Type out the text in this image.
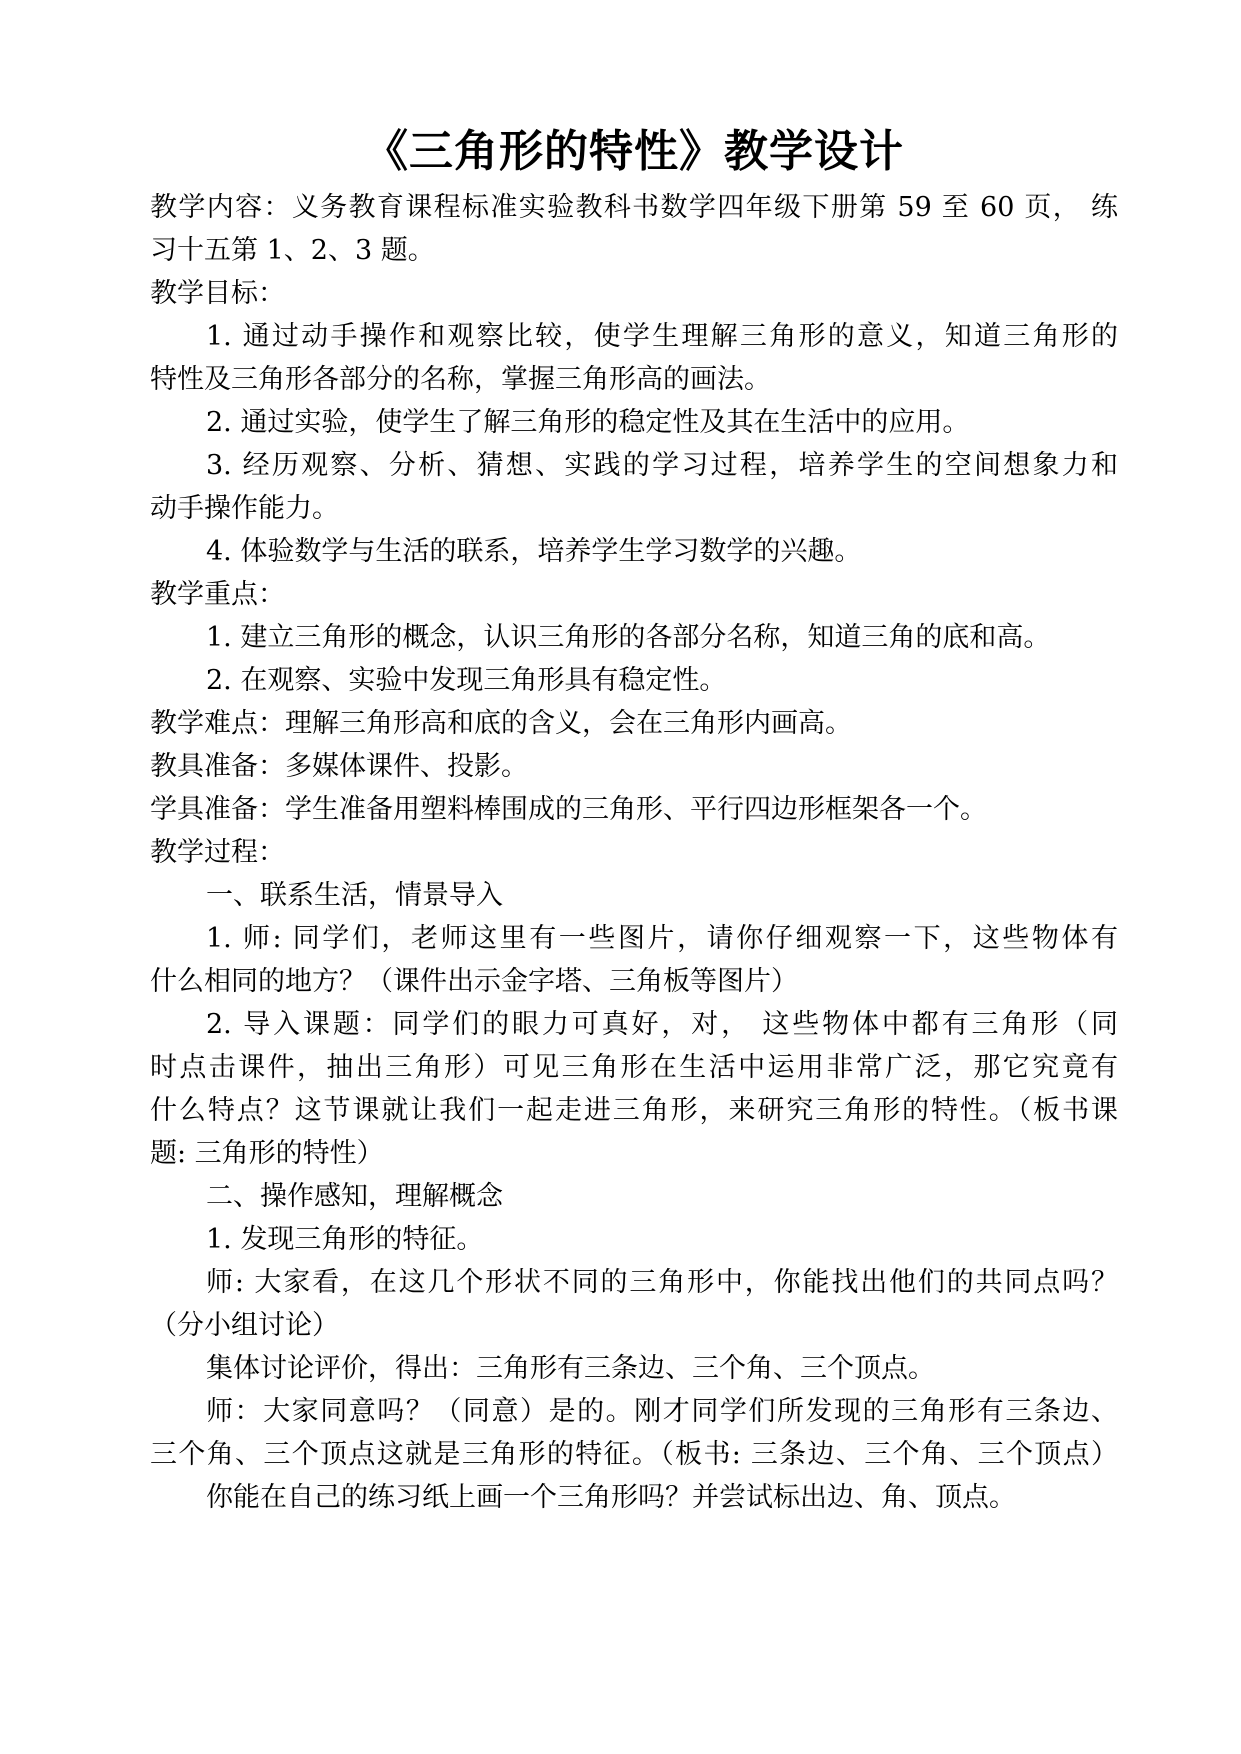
《三角形的特性》教学设计

教学内容：义务教育课程标准实验教科书数学四年级下册第 59 至 60 页， 练

习十五第 1、2、3 题。

教学目标：

1. 通过动手操作和观察比较，使学生理解三角形的意义，知道三角形的

特性及三角形各部分的名称，掌握三角形高的画法。

2. 通过实验，使学生了解三角形的稳定性及其在生活中的应用。

3. 经历观察、分析、猜想、实践的学习过程，培养学生的空间想象力和

动手操作能力。

4. 体验数学与生活的联系，培养学生学习数学的兴趣。

教学重点：

1. 建立三角形的概念，认识三角形的各部分名称，知道三角的底和高。

2. 在观察、实验中发现三角形具有稳定性。

教学难点：理解三角形高和底的含义，会在三角形内画高。

教具准备：多媒体课件、投影。

学具准备：学生准备用塑料棒围成的三角形、平行四边形框架各一个。

教学过程：

一、联系生活，情景导入

1. 师: 同学们，老师这里有一些图片，请你仔细观察一下，这些物体有

什么相同的地方？（课件出示金字塔、三角板等图片）

2. 导入课题：同学们的眼力可真好，对， 这些物体中都有三角形（同

时点击课件，抽出三角形）可见三角形在生活中运用非常广泛，那它究竟有

什么特点？这节课就让我们一起走进三角形，来研究三角形的特性。（板书课

题: 三角形的特性）

二、操作感知，理解概念

1. 发现三角形的特征。

师: 大家看，在这几个形状不同的三角形中，你能找出他们的共同点吗？

（分小组讨论）

集体讨论评价，得出：三角形有三条边、三个角、三个顶点。

师：大家同意吗？（同意）是的。刚才同学们所发现的三角形有三条边、

三个角、三个顶点这就是三角形的特征。（板书: 三条边、三个角、三个顶点）

你能在自己的练习纸上画一个三角形吗？并尝试标出边、角、顶点。
